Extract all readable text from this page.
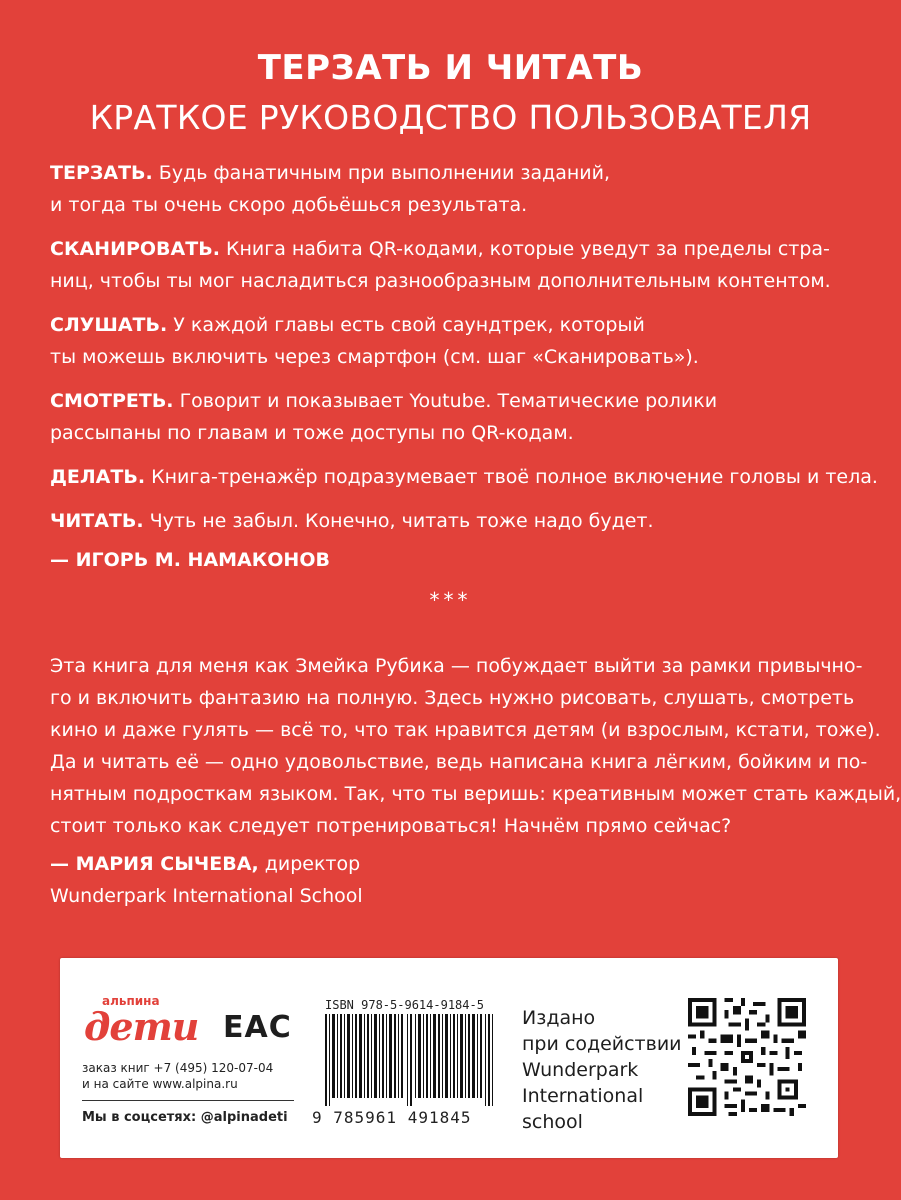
ТЕРЗАТЬ И ЧИТАТЬ
КРАТКОЕ РУКОВОДСТВО ПОЛЬЗОВАТЕЛЯ
ТЕРЗАТЬ. Будь фанатичным при выполнении заданий,
и тогда ты очень скоро добьёшься результата.
СКАНИРОВАТЬ. Книга набита QR-кодами, которые уведут за пределы стра-
ниц, чтобы ты мог насладиться разнообразным дополнительным контентом.
СЛУШАТЬ. У каждой главы есть свой саундтрек, который
ты можешь включить через смартфон (см. шаг «Сканировать»).
СМОТРЕТЬ. Говорит и показывает Youtube. Тематические ролики
рассыпаны по главам и тоже доступы по QR-кодам.
ДЕЛАТЬ. Книга-тренажёр подразумевает твоё полное включение головы и тела.
ЧИТАТЬ. Чуть не забыл. Конечно, читать тоже надо будет.
— ИГОРЬ М. НАМАКОНОВ
***
Эта книга для меня как Змейка Рубика — побуждает выйти за рамки привычно-
го и включить фантазию на полную. Здесь нужно рисовать, слушать, смотреть
кино и даже гулять — всё то, что так нравится детям (и взрослым, кстати, тоже).
Да и читать её — одно удовольствие, ведь написана книга лёгким, бойким и по-
нятным подросткам языком. Так, что ты веришь: креативным может стать каждый,
стоит только как следует потренироваться! Начнём прямо сейчас?
— МАРИЯ СЫЧЕВА, директор
Wunderpark International School
альпина
дети ЕАС
заказ книг +7 (495) 120-07-04
и на сайте www.alpina.ru
Мы в соцсетях: @alpinadeti
ISBN 978-5-9614-9184-5
9 785961 491845
Издано
при содействии
Wunderpark
International
school
